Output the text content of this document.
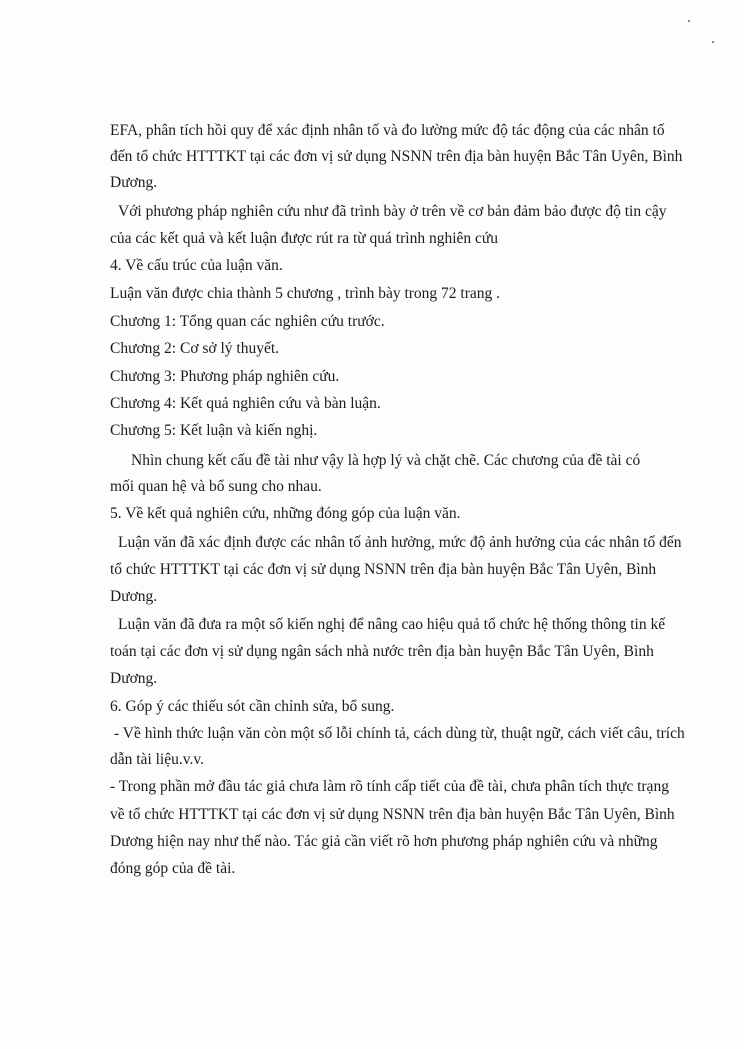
EFA, phân tích hồi quy để xác định nhân tố và đo lường mức độ tác động của các nhân tố
đến tổ chức HTTTKT tại các đơn vị sử dụng NSNN trên địa bàn huyện Bắc Tân Uyên, Bình
Dương.
Với phương pháp nghiên cứu như đã trình bày ở trên về cơ bản đảm bảo được độ tin cậy
của các kết quả và kết luận được rút ra từ quá trình nghiên cứu
4. Về cấu trúc của luận văn.
Luận văn được chia thành 5 chương , trình bày trong 72 trang .
Chương 1: Tổng quan các nghiên cứu trước.
Chương 2: Cơ sở lý thuyết.
Chương 3: Phương pháp nghiên cứu.
Chương 4: Kết quả nghiên cứu và bàn luận.
Chương 5: Kết luận và kiến nghị.
Nhìn chung kết cấu đề tài như vậy là hợp lý và chặt chẽ. Các chương của đề tài có
mối quan hệ và bổ sung cho nhau.
5. Về kết quả nghiên cứu, những đóng góp của luận văn.
Luận văn đã xác định được các nhân tố ảnh hưởng, mức độ ảnh hưởng của các nhân tố đến
tổ chức HTTTKT tại các đơn vị sử dụng NSNN trên địa bàn huyện Bắc Tân Uyên, Bình
Dương.
Luận văn đã đưa ra một số kiến nghị để nâng cao hiệu quả tổ chức hệ thống thông tin kế
toán tại các đơn vị sử dụng ngân sách nhà nước trên địa bàn huyện Bắc Tân Uyên, Bình
Dương.
6. Góp ý các thiếu sót cần chỉnh sửa, bổ sung.
- Về hình thức luận văn còn một số lỗi chính tả, cách dùng từ, thuật ngữ, cách viết câu, trích
dẫn tài liệu.v.v.
- Trong phần mở đầu tác giả chưa làm rõ tính cấp tiết của đề tài, chưa phân tích thực trạng
về tổ chức HTTTKT tại các đơn vị sử dụng NSNN trên địa bàn huyện Bắc Tân Uyên, Bình
Dương hiện nay như thế nào. Tác giả cần viết rõ hơn phương pháp nghiên cứu và những
đóng góp của đề tài.
